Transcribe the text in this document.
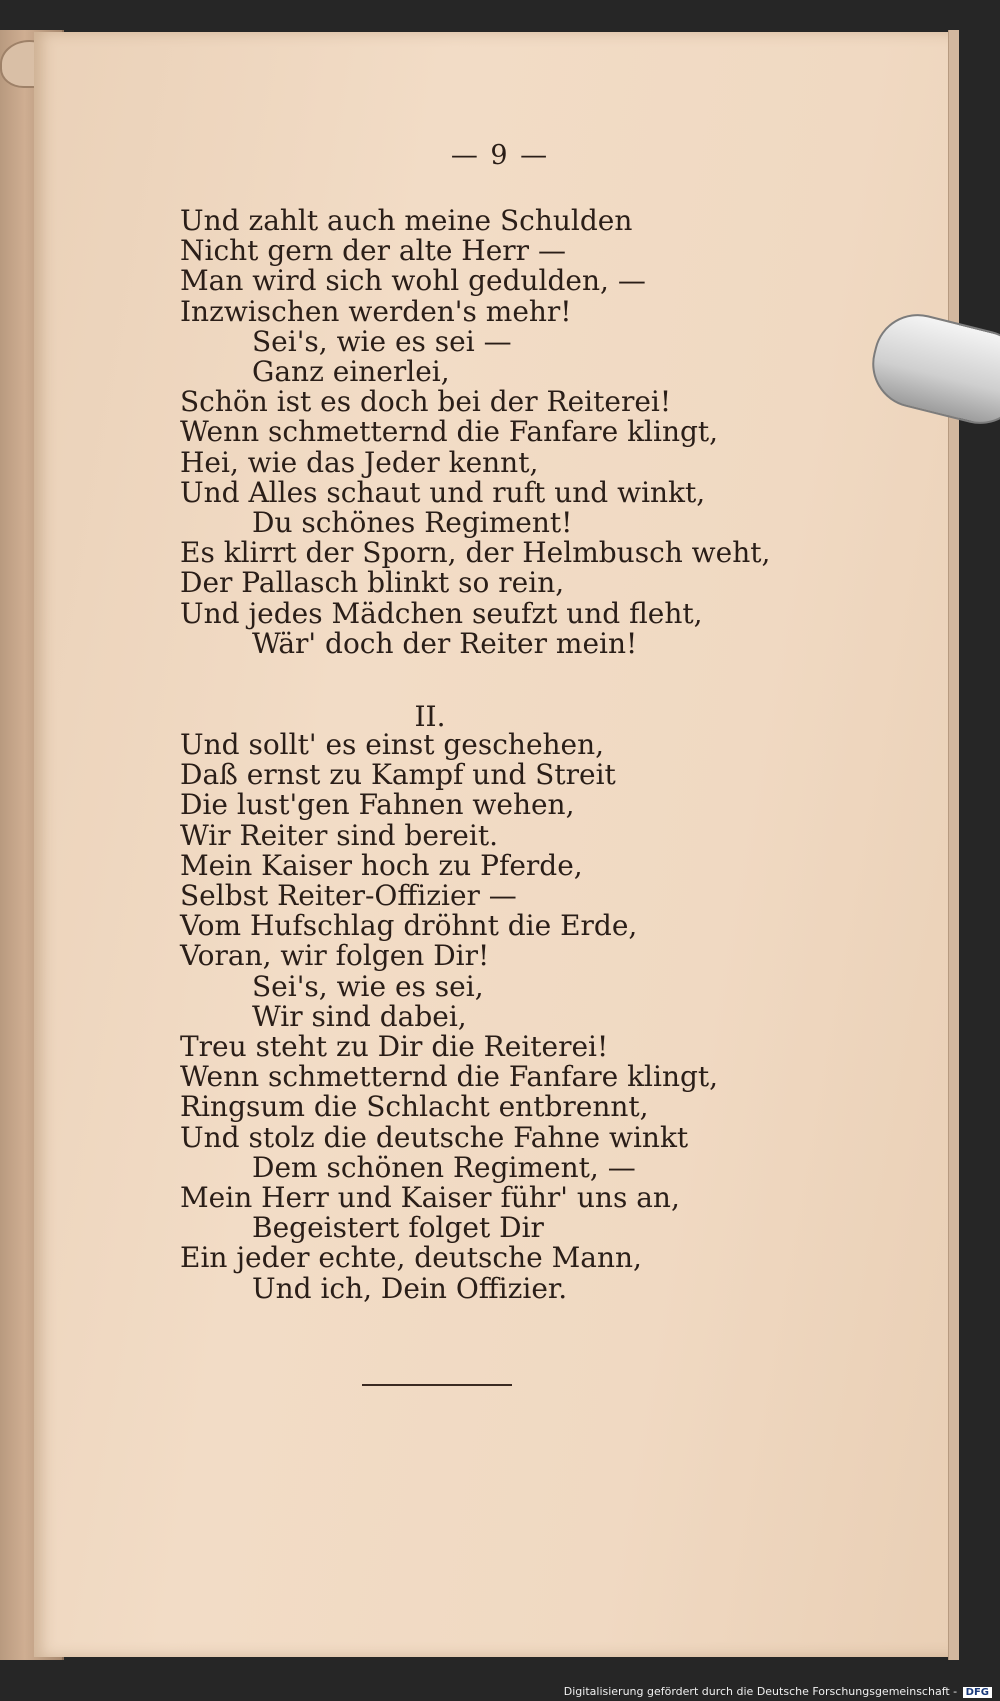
— 9 —
Und zahlt auch meine Schulden
Nicht gern der alte Herr —
Man wird sich wohl gedulden, —
Inzwischen werden's mehr!
Sei's, wie es sei —
Ganz einerlei,
Schön ist es doch bei der Reiterei!
Wenn schmetternd die Fanfare klingt,
Hei, wie das Jeder kennt,
Und Alles schaut und ruft und winkt,
Du schönes Regiment!
Es klirrt der Sporn, der Helmbusch weht,
Der Pallasch blinkt so rein,
Und jedes Mädchen seufzt und fleht,
Wär' doch der Reiter mein!
II.
Und sollt' es einst geschehen,
Daß ernst zu Kampf und Streit
Die lust'gen Fahnen wehen,
Wir Reiter sind bereit.
Mein Kaiser hoch zu Pferde,
Selbst Reiter-Offizier —
Vom Hufschlag dröhnt die Erde,
Voran, wir folgen Dir!
Sei's, wie es sei,
Wir sind dabei,
Treu steht zu Dir die Reiterei!
Wenn schmetternd die Fanfare klingt,
Ringsum die Schlacht entbrennt,
Und stolz die deutsche Fahne winkt
Dem schönen Regiment, —
Mein Herr und Kaiser führ' uns an,
Begeistert folget Dir
Ein jeder echte, deutsche Mann,
Und ich, Dein Offizier.
Digitalisierung gefördert durch die Deutsche Forschungsgemeinschaft - DFG
